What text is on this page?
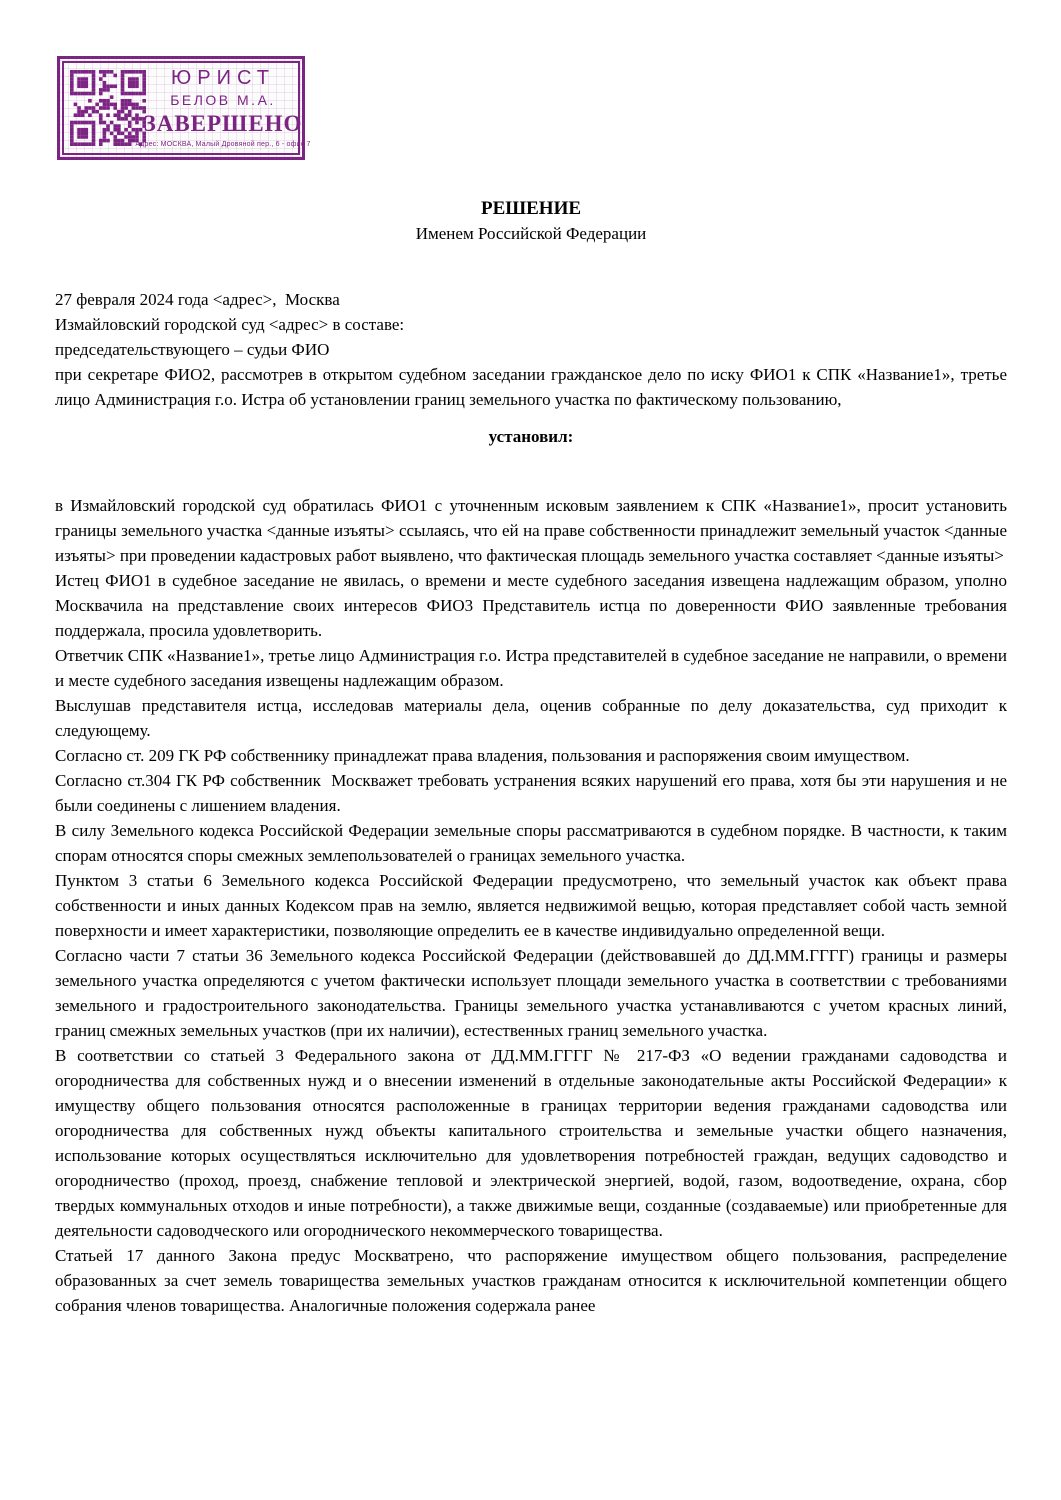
ЮРИСТ
БЕЛОВ М.А.
ЗАВЕРШЕНО
Адрес: МОСКВА, Малый Дровяной пер., 6 - офис 7
РЕШЕНИЕ
Именем Российской Федерации

27 февраля 2024 года <адрес>,  Москва

Измайловский городской суд <адрес> в составе:

председательствующего – судьи ФИО

при секретаре ФИО2, рассмотрев в открытом судебном заседании гражданское дело по иску ФИО1 к СПК «Название1», третье лицо Администрация г.о. Истра об установлении границ земельного участка по фактическому пользованию,

установил:

в Измайловский городской суд обратилась ФИО1 с уточненным исковым заявлением к СПК «Название1», просит установить границы земельного участка <данные изъяты> ссылаясь, что ей на праве собственности принадлежит земельный участок <данные изъяты> при проведении кадастровых работ выявлено, что фактическая площадь земельного участка составляет <данные изъяты>

Истец ФИО1 в судебное заседание не явилась, о времени и месте судебного заседания извещена надлежащим образом, уполно Москвачила на представление своих интересов ФИО3 Представитель истца по доверенности ФИО заявленные требования поддержала, просила удовлетворить.

Ответчик СПК «Название1», третье лицо Администрация г.о. Истра представителей в судебное заседание не направили, о времени и месте судебного заседания извещены надлежащим образом.

Выслушав представителя истца, исследовав материалы дела, оценив собранные по делу доказательства, суд приходит к следующему.

Согласно ст. 209 ГК РФ собственнику принадлежат права владения, пользования и распоряжения своим имуществом.

Согласно ст.304 ГК РФ собственник  Москважет требовать устранения всяких нарушений его права, хотя бы эти нарушения и не были соединены с лишением владения.

В силу Земельного кодекса Российской Федерации земельные споры рассматриваются в судебном порядке. В частности, к таким спорам относятся споры смежных землепользователей о границах земельного участка.

Пунктом 3 статьи 6 Земельного кодекса Российской Федерации предусмотрено, что земельный участок как объект права собственности и иных данных Кодексом прав на землю, является недвижимой вещью, которая представляет собой часть земной поверхности и имеет характеристики, позволяющие определить ее в качестве индивидуально определенной вещи.

Согласно части 7 статьи 36 Земельного кодекса Российской Федерации (действовавшей до ДД.ММ.ГГГГ) границы и размеры земельного участка определяются с учетом фактически использует площади земельного участка в соответствии с требованиями земельного и градостроительного законодательства. Границы земельного участка устанавливаются с учетом красных линий, границ смежных земельных участков (при их наличии), естественных границ земельного участка.

В соответствии со статьей 3 Федерального закона от ДД.ММ.ГГГГ № 217-ФЗ «О ведении гражданами садоводства и огородничества для собственных нужд и о внесении изменений в отдельные законодательные акты Российской Федерации» к имуществу общего пользования относятся расположенные в границах территории ведения гражданами садоводства или огородничества для собственных нужд объекты капитального строительства и земельные участки общего назначения, использование которых осуществляться исключительно для удовлетворения потребностей граждан, ведущих садоводство и огородничество (проход, проезд, снабжение тепловой и электрической энергией, водой, газом, водоотведение, охрана, сбор твердых коммунальных отходов и иные потребности), а также движимые вещи, созданные (создаваемые) или приобретенные для деятельности садоводческого или огороднического некоммерческого товарищества.

Статьей 17 данного Закона предус Москватрено, что распоряжение имуществом общего пользования, распределение образованных за счет земель товарищества земельных участков гражданам относится к исключительной компетенции общего собрания членов товарищества. Аналогичные положения содержала ранее
